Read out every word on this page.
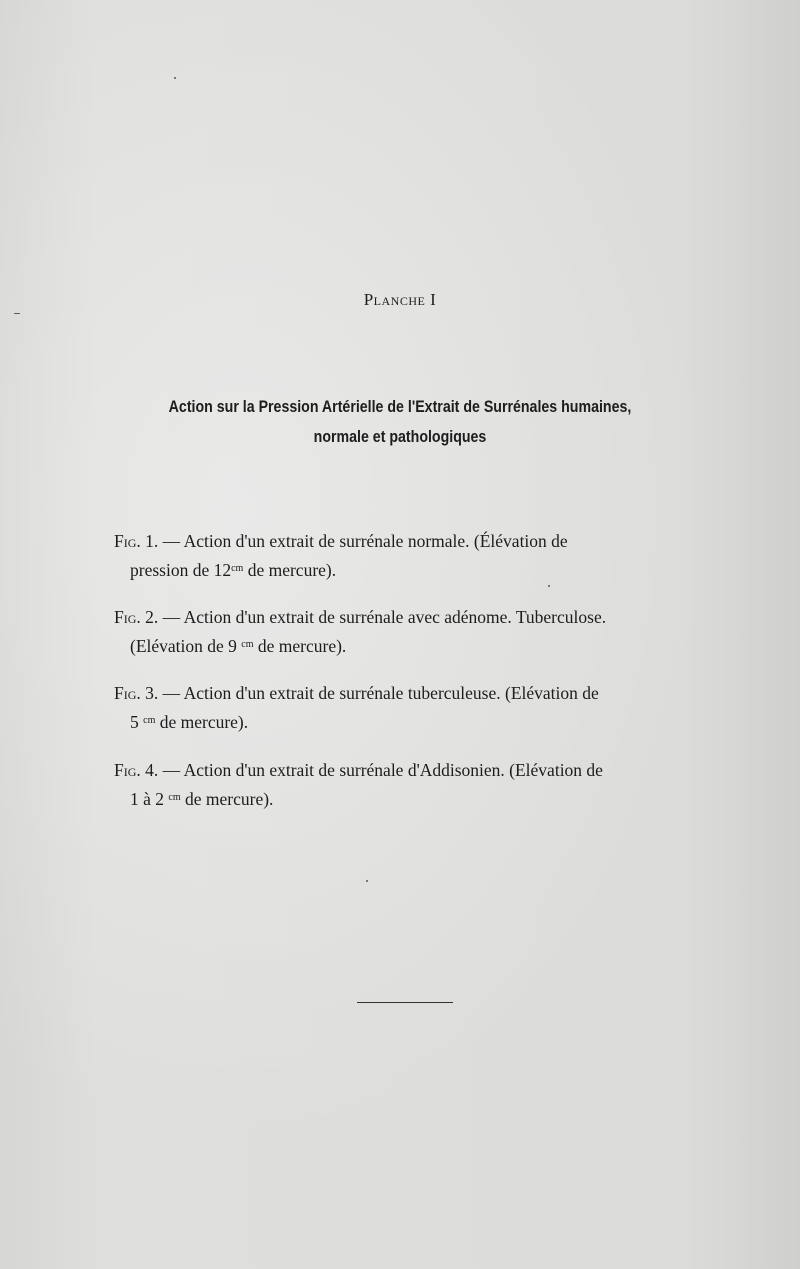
Planche I
Action sur la Pression Artérielle de l'Extrait de Surrénales humaines,
normale et pathologiques
Fig. 1. — Action d'un extrait de surrénale normale. (Élévation de
pression de $12^{cm}$ de mercure).
Fig. 2. — Action d'un extrait de surrénale avec adénome. Tuberculose.
(Elévation de 9 $^{cm}$ de mercure).
Fig. 3. — Action d'un extrait de surrénale tuberculeuse. (Elévation de
5 $^{cm}$ de mercure).
Fig. 4. — Action d'un extrait de surrénale d'Addisonien. (Elévation de
1 à 2 $^{cm}$ de mercure).
